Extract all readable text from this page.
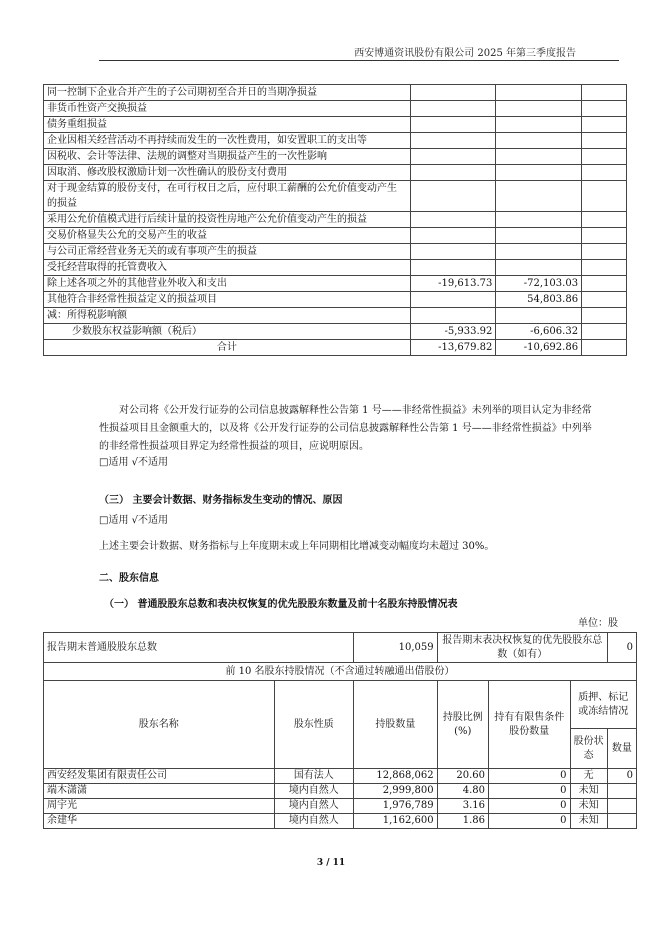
西安博通资讯股份有限公司 2025 年第三季度报告
同一控制下企业合并产生的子公司期初至合并日的当期净损益			
非货币性资产交换损益			
债务重组损益			
企业因相关经营活动不再持续而发生的一次性费用，如安置职工的支出等			
因税收、会计等法律、法规的调整对当期损益产生的一次性影响			
因取消、修改股权激励计划一次性确认的股份支付费用			
对于现金结算的股份支付，在可行权日之后，应付职工薪酬的公允价值变动产生的损益			
采用公允价值模式进行后续计量的投资性房地产公允价值变动产生的损益			
交易价格显失公允的交易产生的收益			
与公司正常经营业务无关的或有事项产生的损益			
受托经营取得的托管费收入			
除上述各项之外的其他营业外收入和支出	-19,613.73	-72,103.03	
其他符合非经常性损益定义的损益项目		54,803.86	
减：所得税影响额			
少数股东权益影响额（税后）	-5,933.92	-6,606.32	
合计	-13,679.82	-10,692.86	
对公司将《公开发行证券的公司信息披露解释性公告第 1 号——非经常性损益》未列举的项目认定为非经常性损益项目且金额重大的，以及将《公开发行证券的公司信息披露解释性公告第 1 号——非经常性损益》中列举的非经常性损益项目界定为经常性损益的项目，应说明原因。
□适用 √不适用
（三） 主要会计数据、财务指标发生变动的情况、原因
□适用 √不适用
上述主要会计数据、财务指标与上年度期末或上年同期相比增减变动幅度均未超过 30%。
二、股东信息
（一） 普通股股东总数和表决权恢复的优先股股东数量及前十名股东持股情况表
单位：股
报告期末普通股股东总数		10,059	报告期末表决权恢复的优先股股东总数（如有）			0
前 10 名股东持股情况（不含通过转融通出借股份）						
股东名称	股东性质	持股数量	持股比例(%)	持有有限售条件股份数量	质押、标记或冻结情况	
					股份状态	数量
西安经发集团有限责任公司	国有法人	12,868,062	20.60	0	无	0
端木潇潇	境内自然人	2,999,800	4.80	0	未知	
周宇光	境内自然人	1,976,789	3.16	0	未知	
余建华	境内自然人	1,162,600	1.86	0	未知	
3 / 11
